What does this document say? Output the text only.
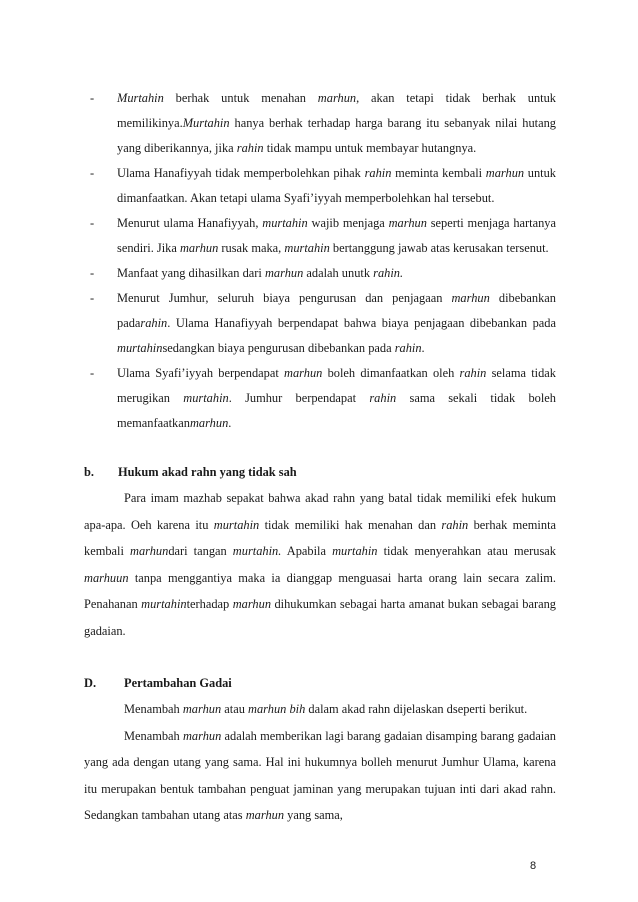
- Murtahin berhak untuk menahan marhun, akan tetapi tidak berhak untuk memilikinya.Murtahin hanya berhak terhadap harga barang itu sebanyak nilai hutang yang diberikannya, jika rahin tidak mampu untuk membayar hutangnya.
- Ulama Hanafiyyah tidak memperbolehkan pihak rahin meminta kembali marhun untuk dimanfaatkan. Akan tetapi ulama Syafi’iyyah memperbolehkan hal tersebut.
- Menurut ulama Hanafiyyah, murtahin wajib menjaga marhun seperti menjaga hartanya sendiri. Jika marhun rusak maka, murtahin bertanggung jawab atas kerusakan tersenut.
- Manfaat yang dihasilkan dari marhun adalah unutk rahin.
- Menurut Jumhur, seluruh biaya pengurusan dan penjagaan marhun dibebankan padarahin. Ulama Hanafiyyah berpendapat bahwa biaya penjagaan dibebankan pada murtahinsedangkan biaya pengurusan dibebankan pada rahin.
- Ulama Syafi’iyyah berpendapat marhun boleh dimanfaatkan oleh rahin selama tidak merugikan murtahin. Jumhur berpendapat rahin sama sekali tidak boleh memanfaatkanmarhun.
b.	Hukum akad rahn yang tidak sah

Para imam mazhab sepakat bahwa akad rahn yang batal tidak memiliki efek hukum apa-apa. Oeh karena itu murtahin tidak memiliki hak menahan dan rahin berhak meminta kembali marhundari tangan murtahin. Apabila murtahin tidak menyerahkan atau merusak marhuun tanpa menggantiya maka ia dianggap menguasai harta orang lain secara zalim. Penahanan murtahinterhadap marhun dihukumkan sebagai harta amanat bukan sebagai barang gadaian.

D.	Pertambahan Gadai

Menambah marhun atau marhun bih dalam akad rahn dijelaskan dseperti berikut.

Menambah marhun adalah memberikan lagi barang gadaian disamping barang gadaian yang ada dengan utang yang sama. Hal ini hukumnya bolleh menurut Jumhur Ulama, karena itu merupakan bentuk tambahan penguat jaminan yang merupakan tujuan inti dari akad rahn. Sedangkan tambahan utang atas marhun yang sama,

8
